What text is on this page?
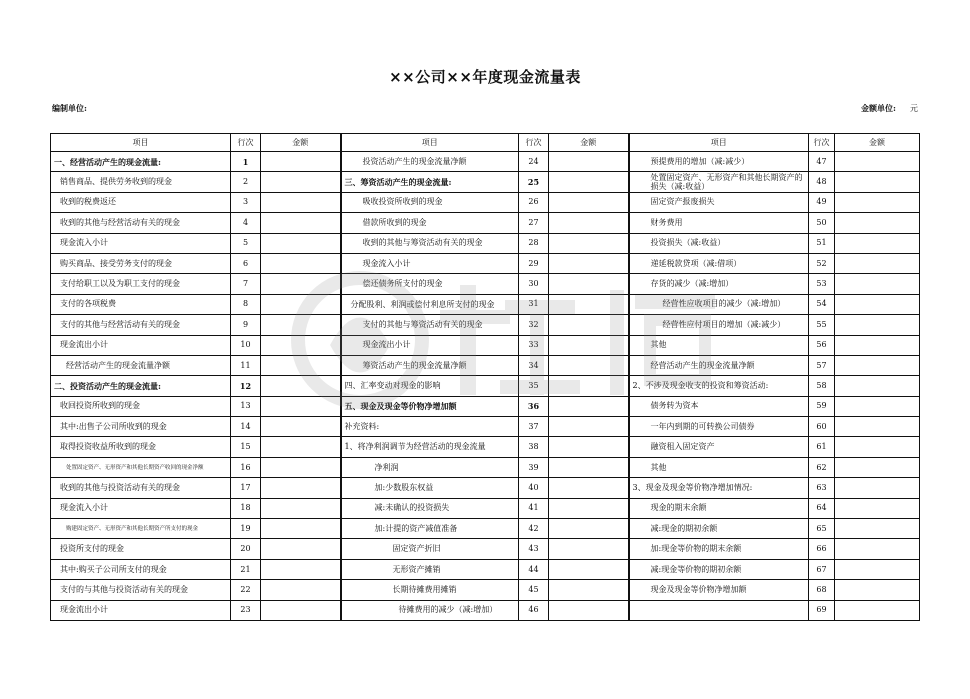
××公司××年度现金流量表
编制单位:	金额单位: 元
项目	行次	金额	项目	行次	金额	项目	行次	金额
一、经营活动产生的现金流量:	1		投资活动产生的现金流量净额	24		预提费用的增加（减:减少）	47	
销售商品、提供劳务收到的现金	2		三、筹资活动产生的现金流量:	25		处置固定资产、无形资产和其他长期资产的损失（减:收益）	48	
收到的税费返还	3		吸收投资所收到的现金	26		固定资产报废损失	49	
收到的其他与经营活动有关的现金	4		借款所收到的现金	27		财务费用	50	
现金流入小计	5		收到的其他与筹资活动有关的现金	28		投资损失（减:收益）	51	
购买商品、接受劳务支付的现金	6		现金流入小计	29		递延税款贷项（减:借项）	52	
支付给职工以及为职工支付的现金	7		偿还债务所支付的现金	30		存货的减少（减:增加）	53	
支付的各项税费	8		分配股利、利润或偿付利息所支付的现金	31		经营性应收项目的减少（减:增加）	54	
支付的其他与经营活动有关的现金	9		支付的其他与筹资活动有关的现金	32		经营性应付项目的增加（减:减少）	55	
现金流出小计	10		现金流出小计	33		其他	56	
经营活动产生的现金流量净额	11		筹资活动产生的现金流量净额	34		经营活动产生的现金流量净额	57	
二、投资活动产生的现金流量:	12		四、汇率变动对现金的影响	35		2、不涉及现金收支的投资和筹资活动:	58	
收回投资所收到的现金	13		五、现金及现金等价物净增加额	36		债务转为资本	59	
其中:出售子公司所收到的现金	14		补充资料:	37		一年内到期的可转换公司债券	60	
取得投资收益所收到的现金	15		1、将净利润调节为经营活动的现金流量	38		融资租入固定资产	61	
处置固定资产、无形资产和其他长期资产收回的现金净额	16		净利润	39		其他	62	
收到的其他与投资活动有关的现金	17		加:少数股东权益	40		3、现金及现金等价物净增加情况:	63	
现金流入小计	18		减:未确认的投资损失	41		现金的期末余额	64	
购建固定资产、无形资产和其他长期资产所支付的现金	19		加:计提的资产减值准备	42		减:现金的期初余额	65	
投资所支付的现金	20		固定资产折旧	43		加:现金等价物的期末余额	66	
其中:购买子公司所支付的现金	21		无形资产摊销	44		减:现金等价物的期初余额	67	
支付的与其他与投资活动有关的现金	22		长期待摊费用摊销	45		现金及现金等价物净增加额	68	
现金流出小计	23		待摊费用的减少（减:增加）	46			69	
